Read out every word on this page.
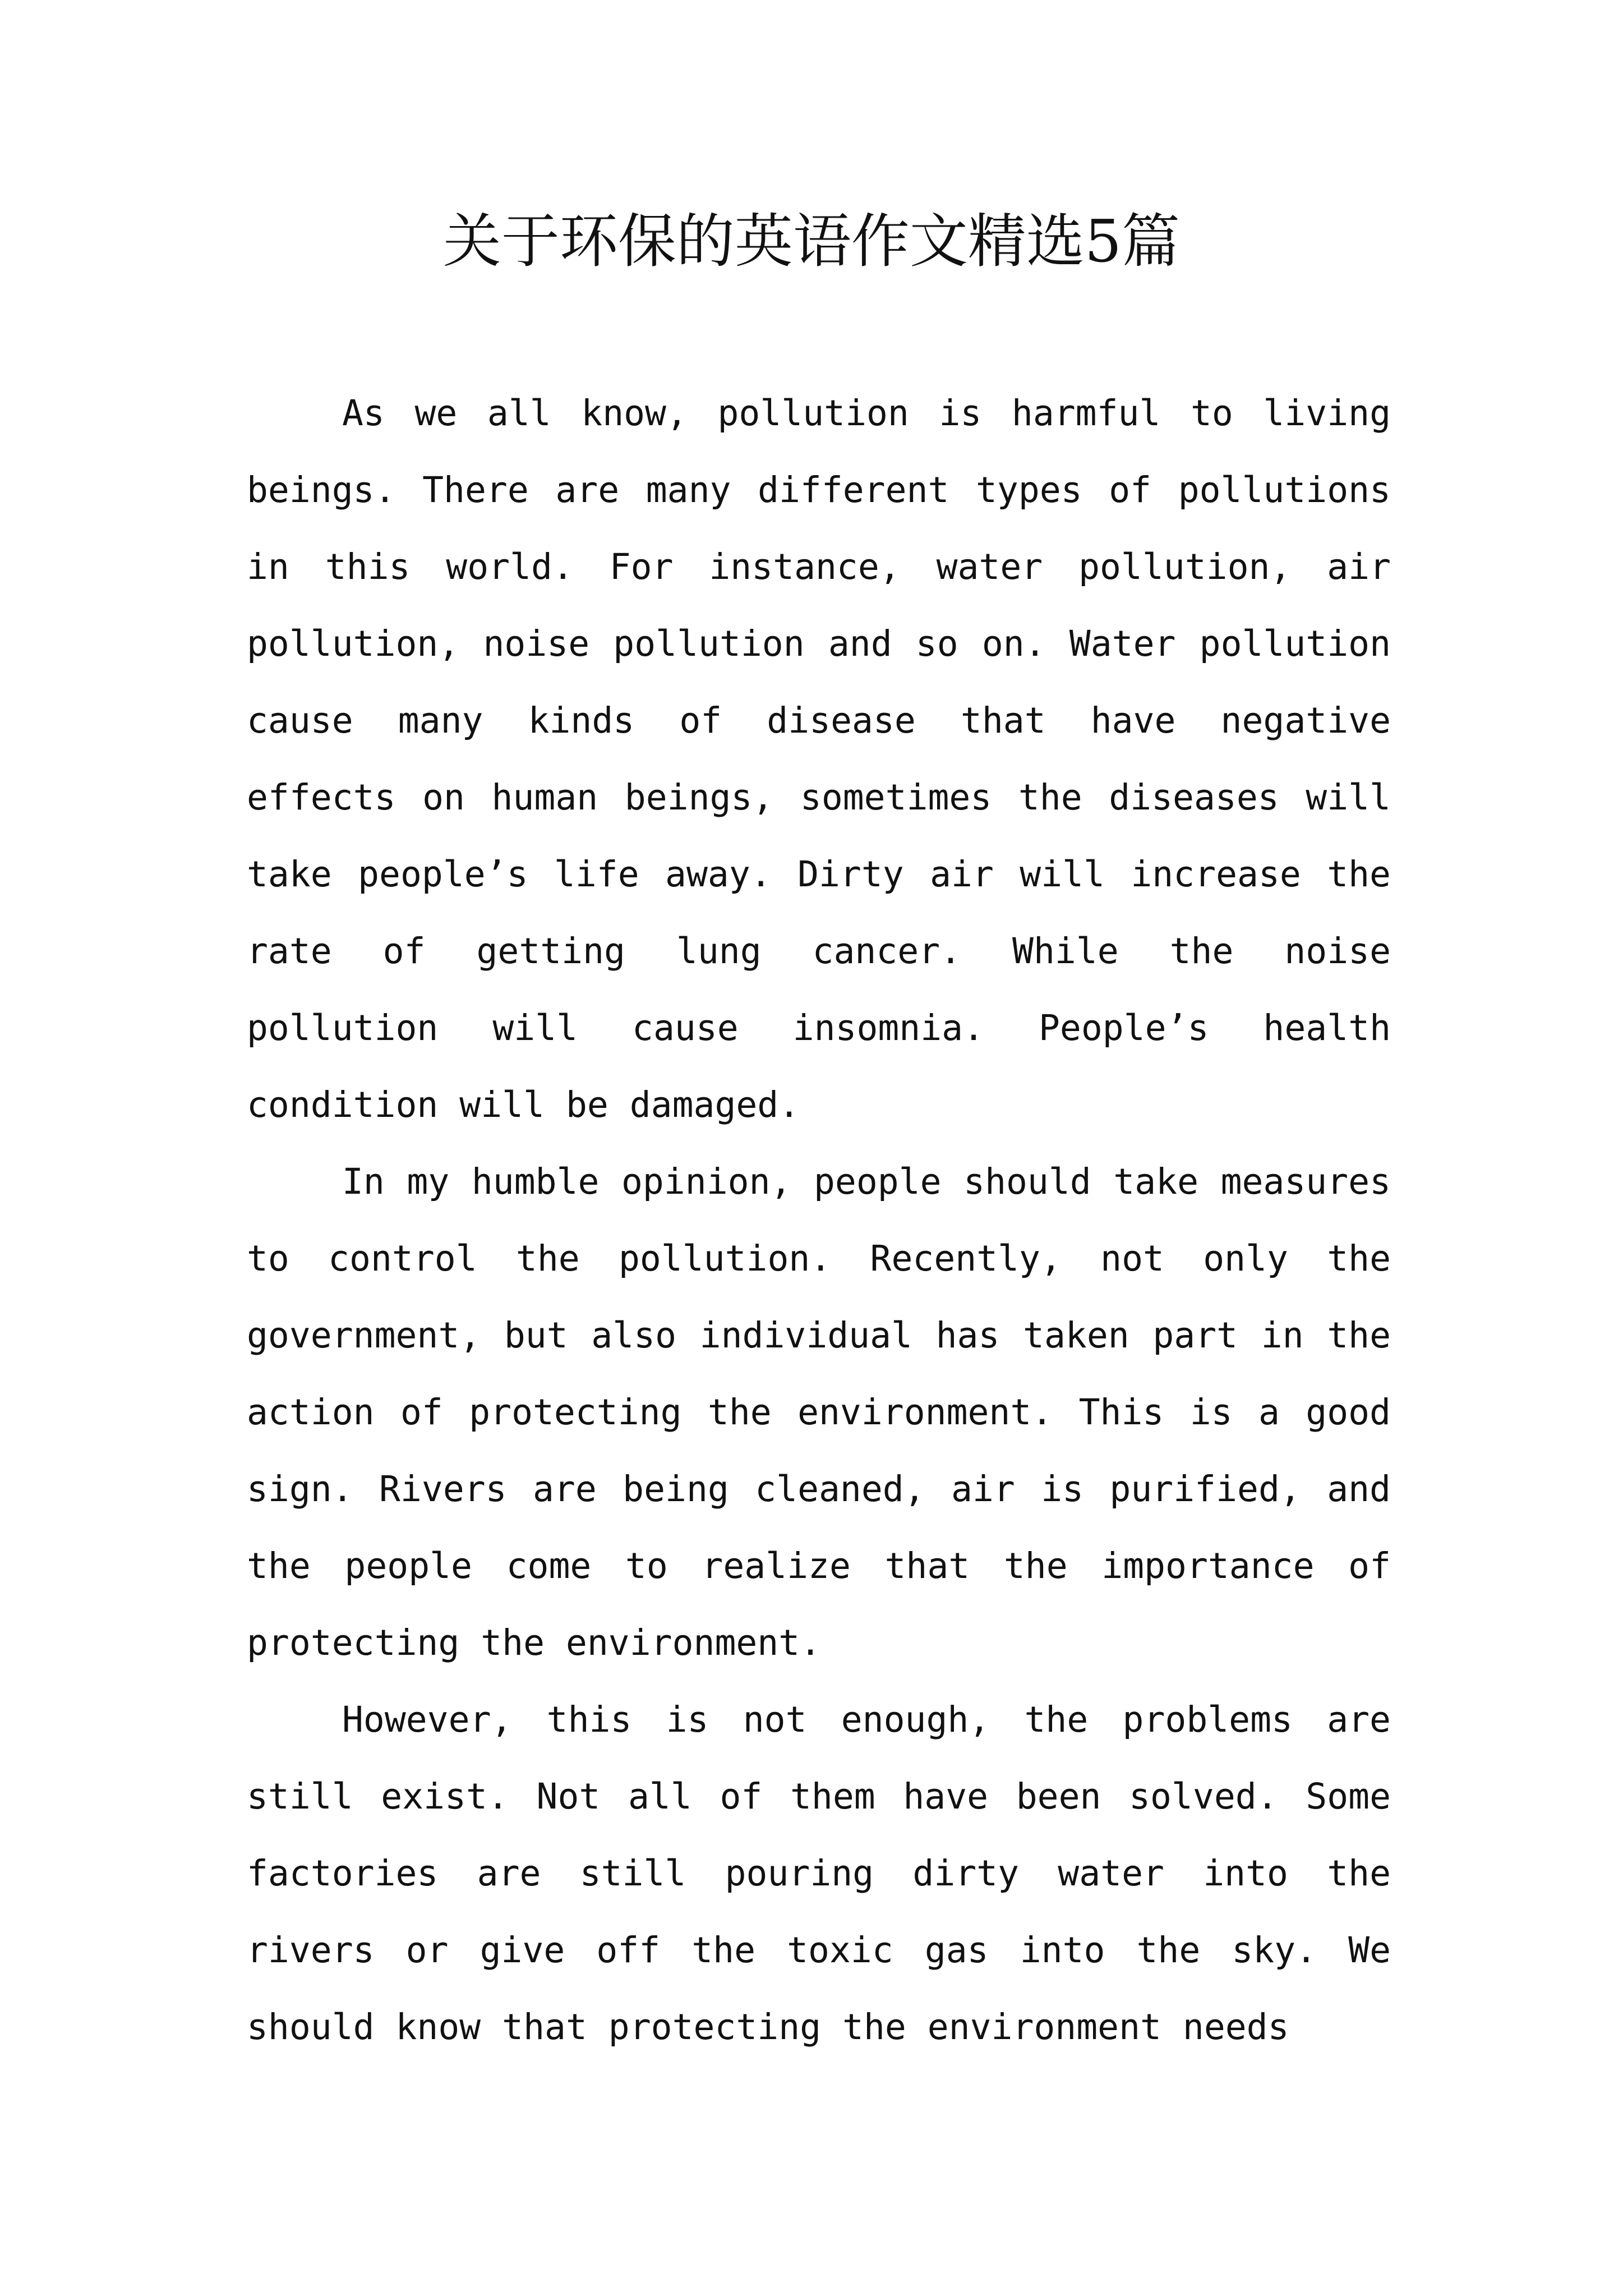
关于环保的英语作文精选5篇

As we all know, pollution is harmful to living beings. There are many different types of pollutions in this world. For instance, water pollution, air pollution, noise pollution and so on. Water pollution cause many kinds of disease that have negative effects on human beings, sometimes the diseases will take people’s life away. Dirty air will increase the rate of getting lung cancer. While the noise pollution will cause insomnia. People’s health condition will be damaged.

In my humble opinion, people should take measures to control the pollution. Recently, not only the government, but also individual has taken part in the action of protecting the environment. This is a good sign. Rivers are being cleaned, air is purified, and the people come to realize that the importance of protecting the environment.

However, this is not enough, the problems are still exist. Not all of them have been solved. Some factories are still pouring dirty water into the rivers or give off the toxic gas into the sky. We should know that protecting the environment needs
